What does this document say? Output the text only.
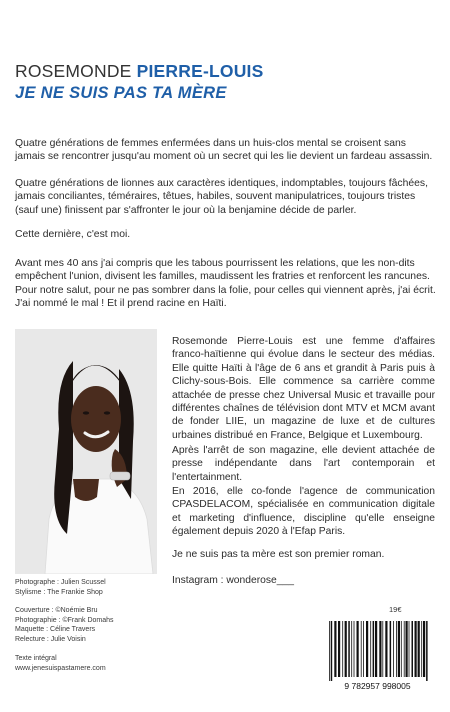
ROSEMONDE PIERRE-LOUIS
JE NE SUIS PAS TA MÈRE
Quatre générations de femmes enfermées dans un huis-clos mental se croisent sans jamais se rencontrer jusqu'au moment où un secret qui les lie devient un fardeau assassin.
Quatre générations de lionnes aux caractères identiques, indomptables, toujours fâchées, jamais conciliantes, téméraires, têtues, habiles, souvent manipulatrices, toujours tristes (sauf une) finissent par s'affronter le jour où la benjamine décide de parler.
Cette dernière, c'est moi.
Avant mes 40 ans j'ai compris que les tabous pourrissent les relations, que les non-dits empêchent l'union, divisent les familles, maudissent les fratries et renforcent les rancunes.
Pour notre salut, pour ne pas sombrer dans la folie, pour celles qui viennent après, j'ai écrit. J'ai nommé le mal ! Et il prend racine en Haïti.
Rosemonde Pierre-Louis est une femme d'affaires franco-haïtienne qui évolue dans le secteur des médias. Elle quitte Haïti à l'âge de 6 ans et grandit à Paris puis à Clichy-sous-Bois. Elle commence sa carrière comme attachée de presse chez Universal Music et travaille pour différentes chaînes de télévision dont MTV et MCM avant de fonder LIIE, un magazine de luxe et de cultures urbaines distribué en France, Belgique et Luxembourg.
Après l'arrêt de son magazine, elle devient attachée de presse indépendante dans l'art contemporain et l'entertainment.
En 2016, elle co-fonde l'agence de communication CPASDELACOM, spécialisée en communication digitale et marketing d'influence, discipline qu'elle enseigne également depuis 2020 à l'Efap Paris.
Je ne suis pas ta mère est son premier roman.
Instagram : wonderose___
Photographe : Julien Scussel
Stylisme : The Frankie Shop
Couverture : ©Noémie Bru
Photographie : ©Frank Domahs
Maquette : Céline Travers
Relecture : Julie Voisin
Texte intégral
www.jenesuispastamere.com
19€
9 782957 998005
